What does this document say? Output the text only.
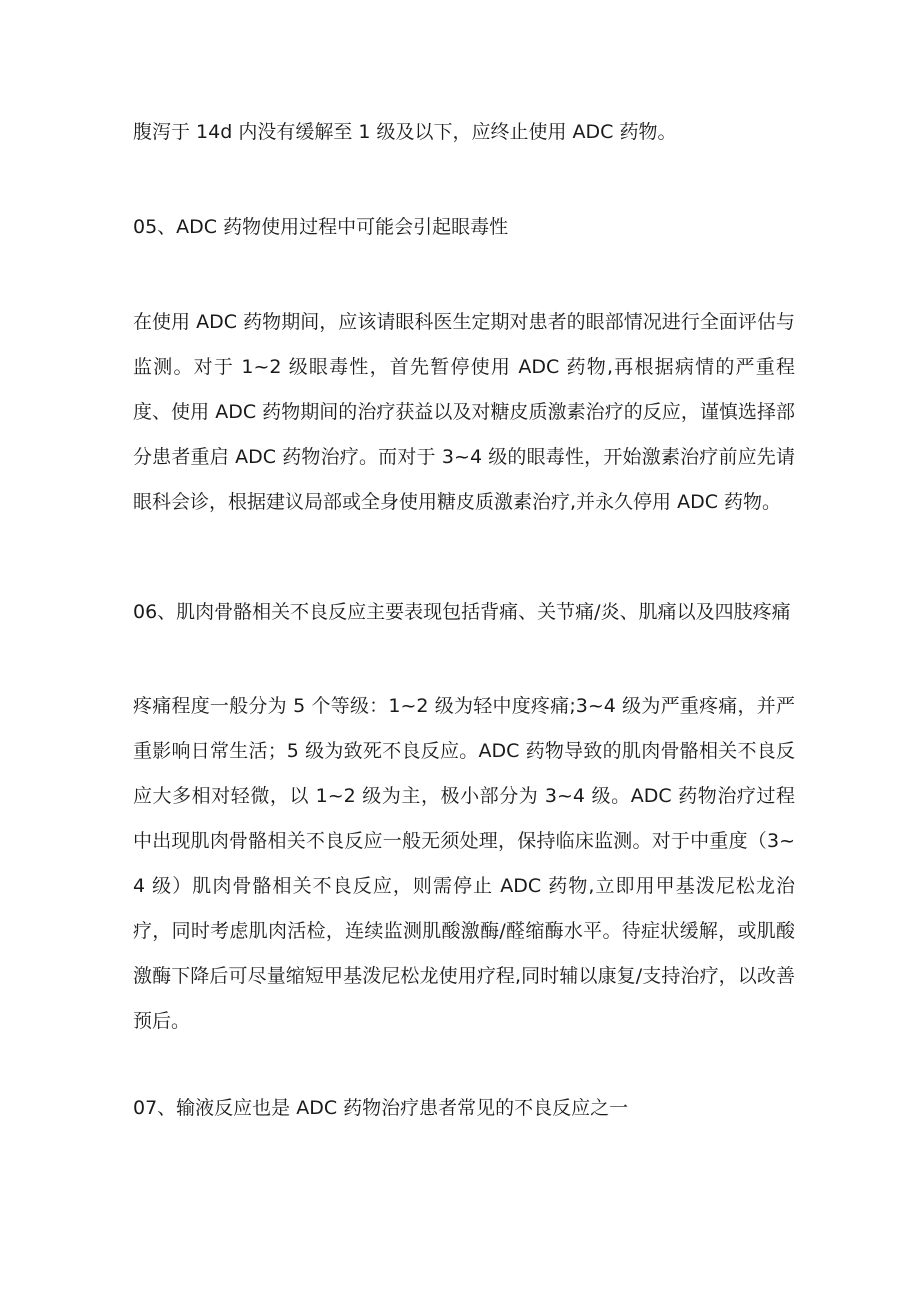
腹泻于 14d 内没有缓解至 1 级及以下，应终止使用 ADC 药物。

05、ADC 药物使用过程中可能会引起眼毒性

在使用 ADC 药物期间，应该请眼科医生定期对患者的眼部情况进行全面评估与监测。对于 1~2 级眼毒性，首先暂停使用 ADC 药物,再根据病情的严重程度、使用 ADC 药物期间的治疗获益以及对糖皮质激素治疗的反应，谨慎选择部分患者重启 ADC 药物治疗。而对于 3~4 级的眼毒性，开始激素治疗前应先请眼科会诊，根据建议局部或全身使用糖皮质激素治疗,并永久停用 ADC 药物。

06、肌肉骨骼相关不良反应主要表现包括背痛、关节痛/炎、肌痛以及四肢疼痛

疼痛程度一般分为 5 个等级：1~2 级为轻中度疼痛;3~4 级为严重疼痛，并严重影响日常生活；5 级为致死不良反应。ADC 药物导致的肌肉骨骼相关不良反应大多相对轻微，以 1~2 级为主，极小部分为 3~4 级。ADC 药物治疗过程中出现肌肉骨骼相关不良反应一般无须处理，保持临床监测。对于中重度（3~4 级）肌肉骨骼相关不良反应，则需停止 ADC 药物,立即用甲基泼尼松龙治疗，同时考虑肌肉活检，连续监测肌酸激酶/醛缩酶水平。待症状缓解，或肌酸激酶下降后可尽量缩短甲基泼尼松龙使用疗程,同时辅以康复/支持治疗，以改善预后。

07、输液反应也是 ADC 药物治疗患者常见的不良反应之一
